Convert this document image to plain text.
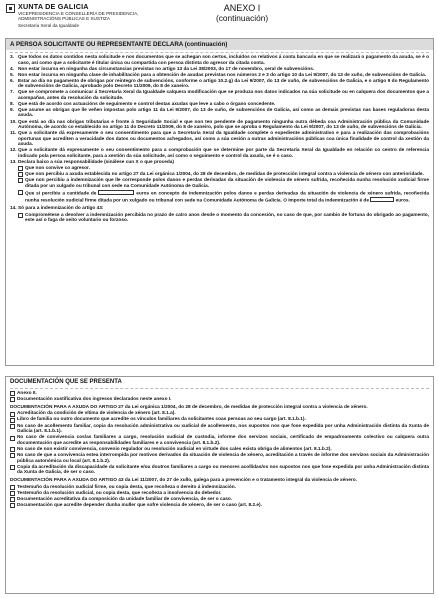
XUNTA DE GALICIA
VICEPRESIDENCIA E CONSELLERÍA DE PRESIDENCIA,
ADMINISTRACIÓNS PÚBLICAS E XUSTIZA
Secretaría Xeral da Igualdade
ANEXO I
(continuación)
A PERSOA SOLICITANTE OU REPRESENTANTE DECLARA (continuación)
3. Que todos os datos contidos nesta solicitude e nos documentos que se achegan son certos, incluídos os relativos á conta bancaria en que se realizará o pagamento da axuda, se é o caso, así como que a solicitante é titular única ou compartida con persoa distinta do agresor da citada conta.
4. Non estar incursa en ningunha das circunstancias previstas no artigo 13 da Lei 38/2003, do 17 de novembro, xeral de subvencións.
5. Non estar incursa en ningunha clase de inhabilitación para a obtención de axudas previstas nos números 2 e 3 do artigo 10 da Lei 9/2007, do 13 de xuño, de subvencións de Galicia.
6. Estar ao día no pagamento de obrigas por reintegro de subvencións, conforme o artigo 10.2.g) da Lei 9/2007, do 13 de xuño, de subvencións de Galicia, e o artigo 9 do Regulamento de subvencións de Galicia, aprobado polo Decreto 11/2009, do 8 de xaneiro.
7. Que se compromete a comunicar á Secretaría Xeral da Igualdade calquera modificación que se produza nos datos indicados na súa solicitude ou en calquera dos documentos que a acompañan, antes da resolución da solicitude.
8. Que está de acordo cos actuacións de seguimento e control destas axudas que leve a cabo o órgano concedente.
9. Que asume as obrigas que lle veñen impostas polo artigo 11 da Lei 9/2007, do 13 de xuño, de subvencións de Galicia, así como as demais previstas nas bases reguladoras desta axuda.
10. Que está ao día nas obrigas tributarias e fronte á Seguridade Social e que non ten pendente de pagamento ningunha outra débeda coa Administración pública da Comunidade Autónoma, de acordo co establecido no artigo 11 do Decreto 11/2009, do 8 de xaneiro, polo que se aproba o Regulamento da Lei 9/2007, do 13 de xuño, de subvencións de Galicia.
11. Que a solicitante dá expresamente o seu consentimento para que a Secretaría Xeral da Igualdade complete o expediente administrativo e para a realización das comprobacións oportunas que acrediten a veracidade dos datos ou documentos achegados, así como a súa cesión a outras administracións públicas coa única finalidade de control da xestión da axuda.
12. Que a solicitante dá expresamente o seu consentimento para a comprobación que se determine por parte da Secretaría Xeral da Igualdade en relación co centro de referencia indicado pola persoa solicitante, para a xestión da súa solicitude, así como o seguimento e control da axuda, se é o caso.
13. Declara baixo a súa responsabilidade (sinálese cun X o que proceda)
Que non convive co agresor.
Que non percibiu a axuda establecida no artigo 27 da Lei orgánica 1/2004, do 28 de decembro, de medidas de protección integral contra a violencia de xénero con anterioridade.
Que non percibiu a indemnización que lle corresponde polos danos e perdas derivadas da situación de violencia de xénero sufrida, recoñecida nunha resolución xudicial firme ditada por un xulgado ou tribunal con sede na Comunidade Autónoma de Galicia.
Que si percibiu a cantidade de	euros en concepto de indemnización polos danos e perdas derivadas da situación de violencia de xénero sufrida, recoñecida nunha resolución xudicial firme ditada por un xulgado ou tribunal con sede na Comunidade Autónoma de Galicia. O importe total da indemnización é de	euros.
14. Só para a indemnización do artigo 43:
Comprométese a devolver a indemnización percibida no prazo de catro anos desde o momento da concesión, no caso de que, por cambio de fortuna do obrigado ao pagamento, este así o faga de xeito voluntario ou forzoso.
DOCUMENTACIÓN QUE SE PRESENTA
Anexo II.
Documentación xustificativa dos ingresos declarados neste anexo I.
DOCUMENTACIÓN PARA A AXUDA DO ARTIGO 27 da Lei orgánica 1/2004, do 28 de decembro, de medidas de protección integral contra a violencia de xénero.
Acreditación da condición de vítima de violencia de xénero (art. 8.1.a).
Libro de familia ou outro documento que acredite os vínculos familiares da solicitantes coas persoas ao seu cargo (art. 8.1.b.1).
No caso de acollemento familiar, copia da resolución administrativa ou xudicial de acollemento, nos supostos nos que fose expedida por unha Administración distinta da Xunta de Galicia (art. 8.1.b.1).
No caso de convivencia cos/as familiares a cargo, resolución xudicial de custodia, informe dos servizos sociais, certificado de empadroamento colectivo ou calquera outra documentación que acredite as responsabilidades familiares e a convivencia (art. 8.1.b.2).
No caso de non existir convivencia, convenio regulador ou resolución xudicial en virtude dos cales exista obriga de alimentos (art. 8.1.b.2).
No caso de que a convivencia estea interrompida por motivos derivados da situación de violencia de xénero, acreditación a través de informe dos servizos sociais da Administración pública autonómica ou local (art. 8.1.b.2).
Copia da acreditación da discapacidade da solicitante e/ou doutros familiares a cargo ou menores acollidas/os nos supostos nos que fose expedida por unha Administración distinta da Xunta de Galicia, de ser o caso.
DOCUMENTACIÓN PARA A AXUDA DO ARTIGO 43 da Lei 11/2007, do 27 de xullo, galega para a prevención e o tratamento integral da violencia de xénero.
Testemuño da resolución xudicial firme, ou copia desta, que recoñeza o dereito á indemnización.
Testemuño da resolución xudicial, ou copia desta, que recoñeza a insolvencia do debedor.
Documentación acreditativa da composición da unidade familiar de convivencia, de ser o caso.
Documentación que acredite depender dunha muller que sofre violencia de xénero, de ser o caso (art. 8.2.e).
